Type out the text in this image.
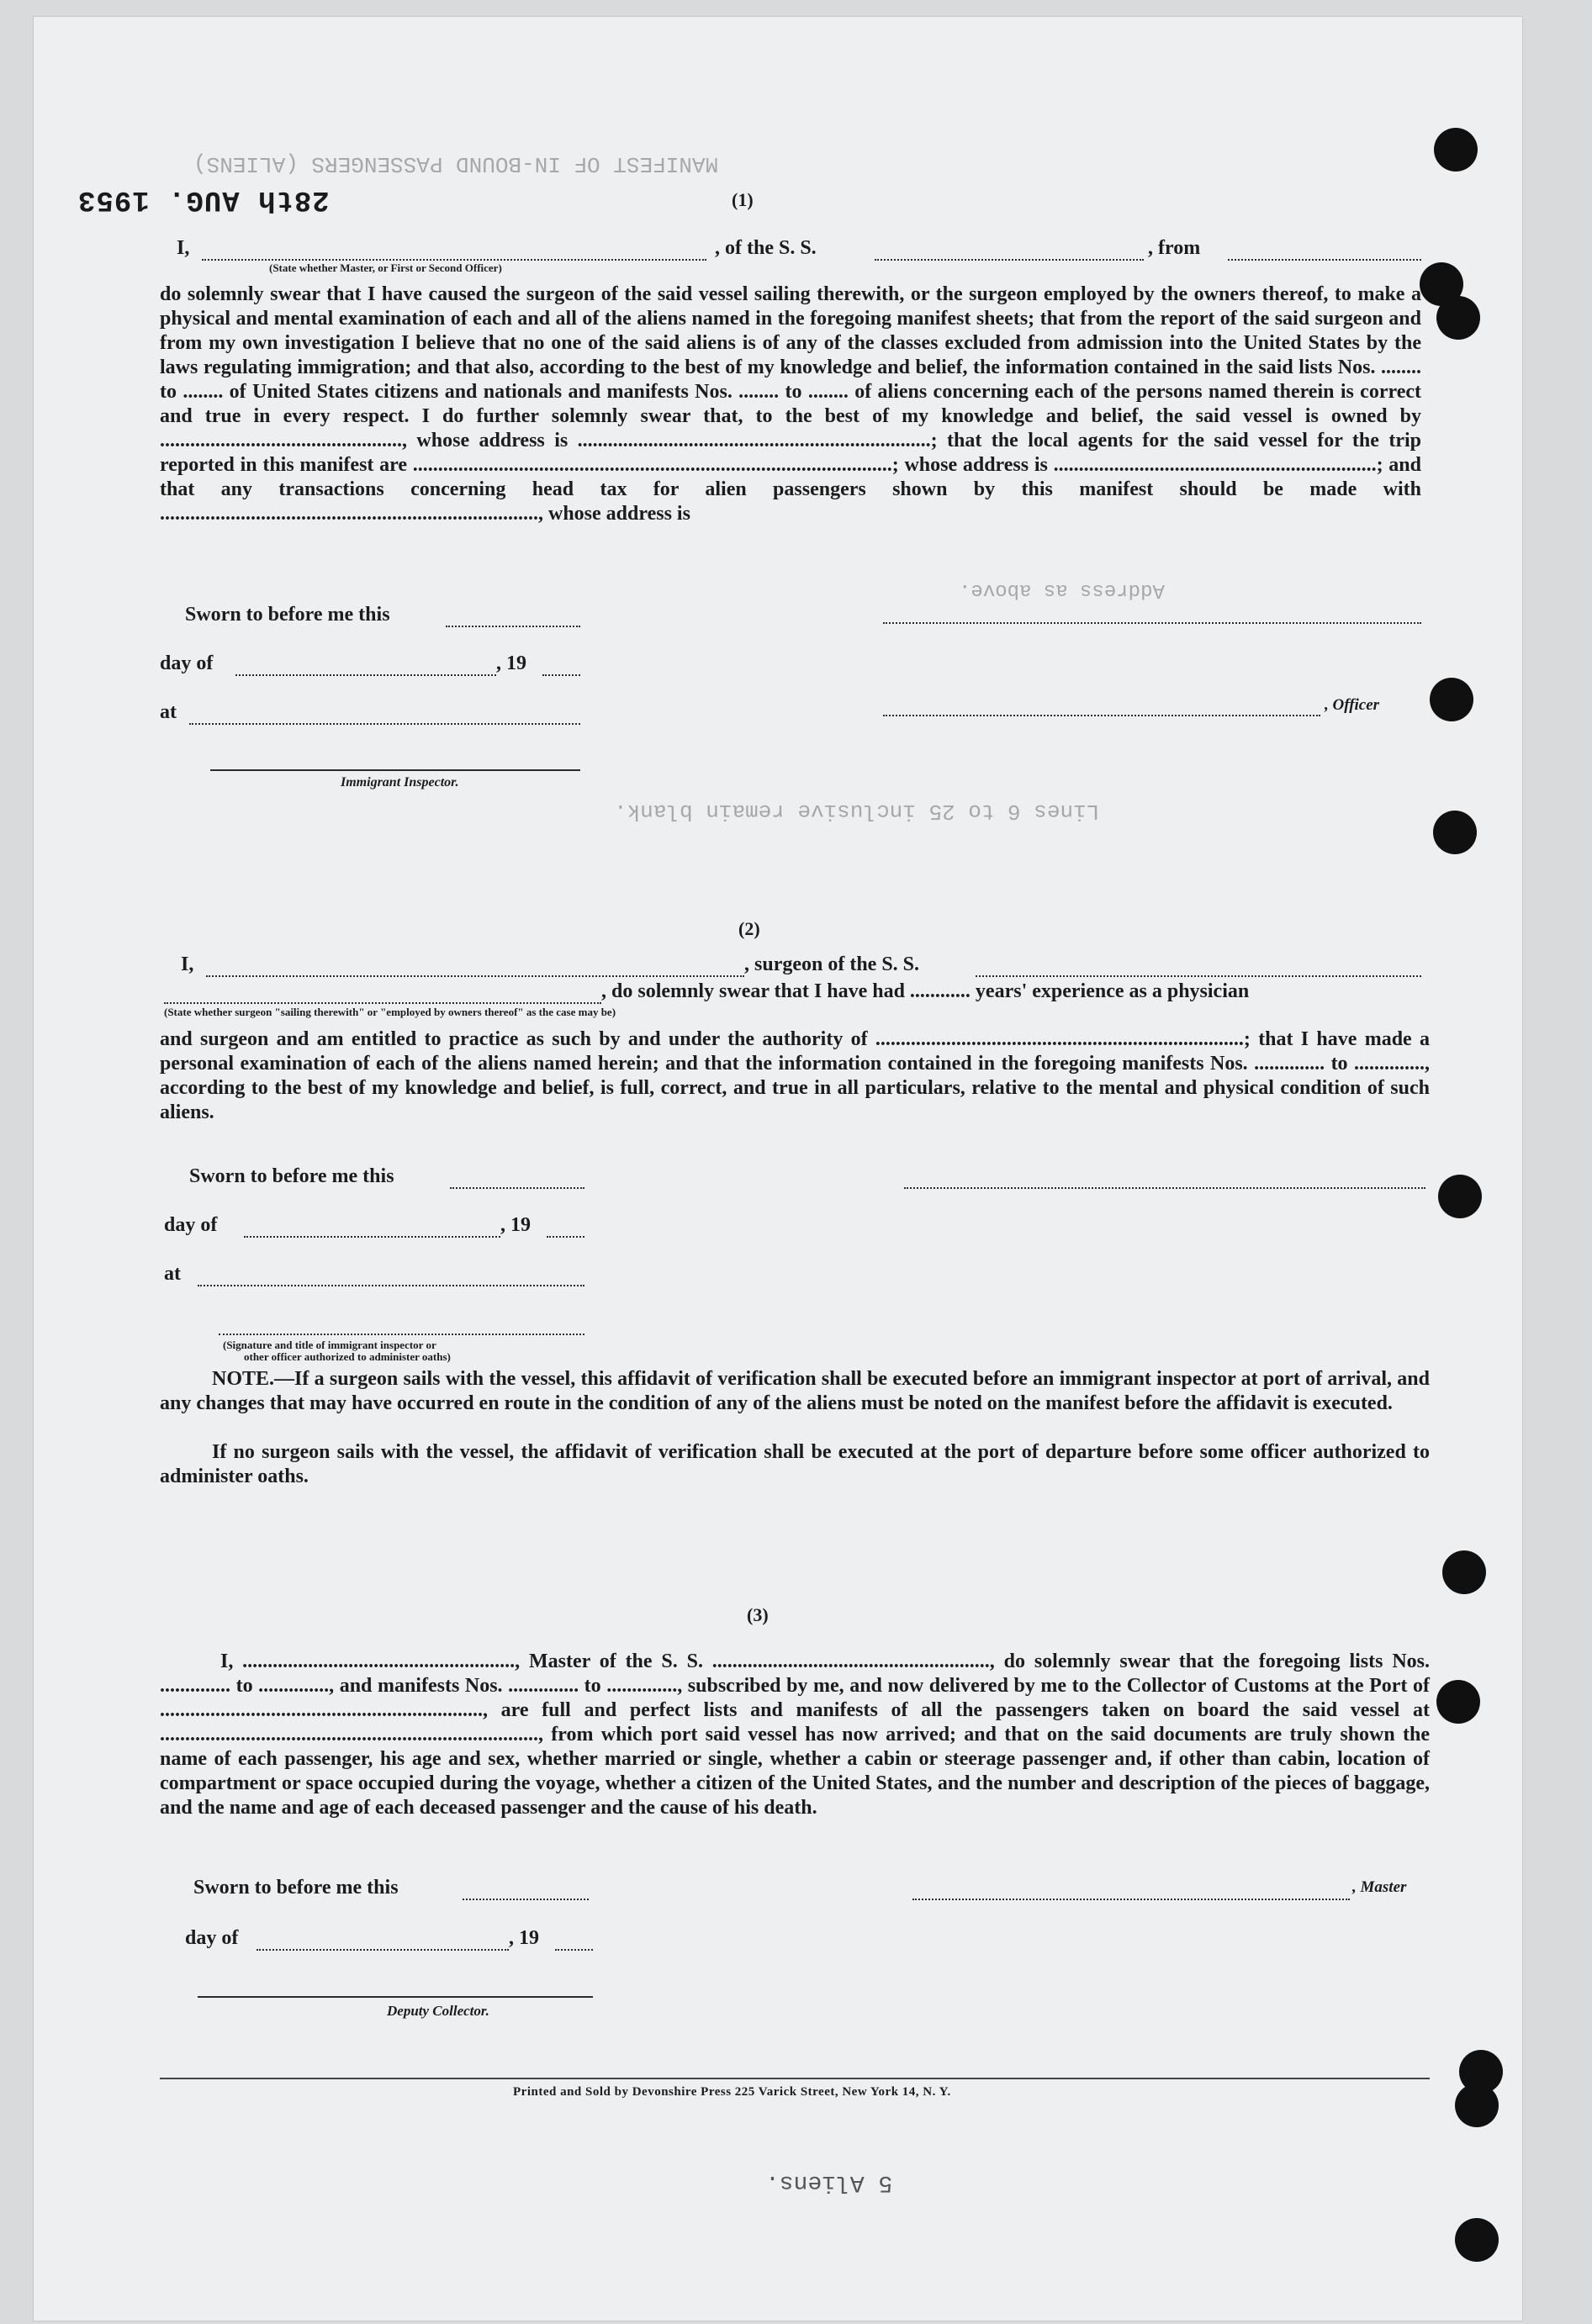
MANIFEST OF IN-BOUND PASSENGERS (ALIENS)
Address as above.
Lines 6 to 25 inclusive remain blank.
28th AUG. 1953	(1)
I,	, of the S. S.	, from
(State whether Master, or First or Second Officer)
do solemnly swear that I have caused the surgeon of the said vessel sailing therewith, or the surgeon employed by the owners thereof, to make a physical and mental examination of each and all of the aliens named in the foregoing manifest sheets; that from the report of the said surgeon and from my own investigation I believe that no one of the said aliens is of any of the classes excluded from admission into the United States by the laws regulating immigration; and that also, according to the best of my knowledge and belief, the information contained in the said lists Nos. ........ to ........ of United States citizens and nationals and manifests Nos. ........ to ........ of aliens concerning each of the persons named therein is correct and true in every respect. I do further solemnly swear that, to the best of my knowledge and belief, the said vessel is owned by ................................................, whose address is ......................................................................; that the local agents for the said vessel for the trip reported in this manifest are ...............................................................................................; whose address is ................................................................; and that any transactions concerning head tax for alien passengers shown by this manifest should be made with ..........................................................................., whose address is
Sworn to before me this
day of	, 19
at	, Officer
Immigrant Inspector.
(2)
I,	, surgeon of the S. S.
, do solemnly swear that I have had ............ years' experience as a physician
(State whether surgeon "sailing therewith" or "employed by owners thereof" as the case may be)
and surgeon and am entitled to practice as such by and under the authority of .........................................................................; that I have made a personal examination of each of the aliens named herein; and that the information contained in the foregoing manifests Nos. .............. to .............., according to the best of my knowledge and belief, is full, correct, and true in all particulars, relative to the mental and physical condition of such aliens.
Sworn to before me this
day of	, 19
at
(Signature and title of immigrant inspector or
other officer authorized to administer oaths)
NOTE.—If a surgeon sails with the vessel, this affidavit of verification shall be executed before an immigrant inspector at port of arrival, and any changes that may have occurred en route in the condition of any of the aliens must be noted on the manifest before the affidavit is executed.
If no surgeon sails with the vessel, the affidavit of verification shall be executed at the port of departure before some officer authorized to administer oaths.
(3)
I, ......................................................, Master of the S. S. ......................................................., do solemnly swear that the foregoing lists Nos. .............. to .............., and manifests Nos. .............. to .............., subscribed by me, and now delivered by me to the Collector of Customs at the Port of ................................................................, are full and perfect lists and manifests of all the passengers taken on board the said vessel at ..........................................................................., from which port said vessel has now arrived; and that on the said documents are truly shown the name of each passenger, his age and sex, whether married or single, whether a cabin or steerage passenger and, if other than cabin, location of compartment or space occupied during the voyage, whether a citizen of the United States, and the number and description of the pieces of baggage, and the name and age of each deceased passenger and the cause of his death.
Sworn to before me this	, Master
day of	, 19
Deputy Collector.
Printed and Sold by Devonshire Press 225 Varick Street, New York 14, N. Y.
5 Aliens.
